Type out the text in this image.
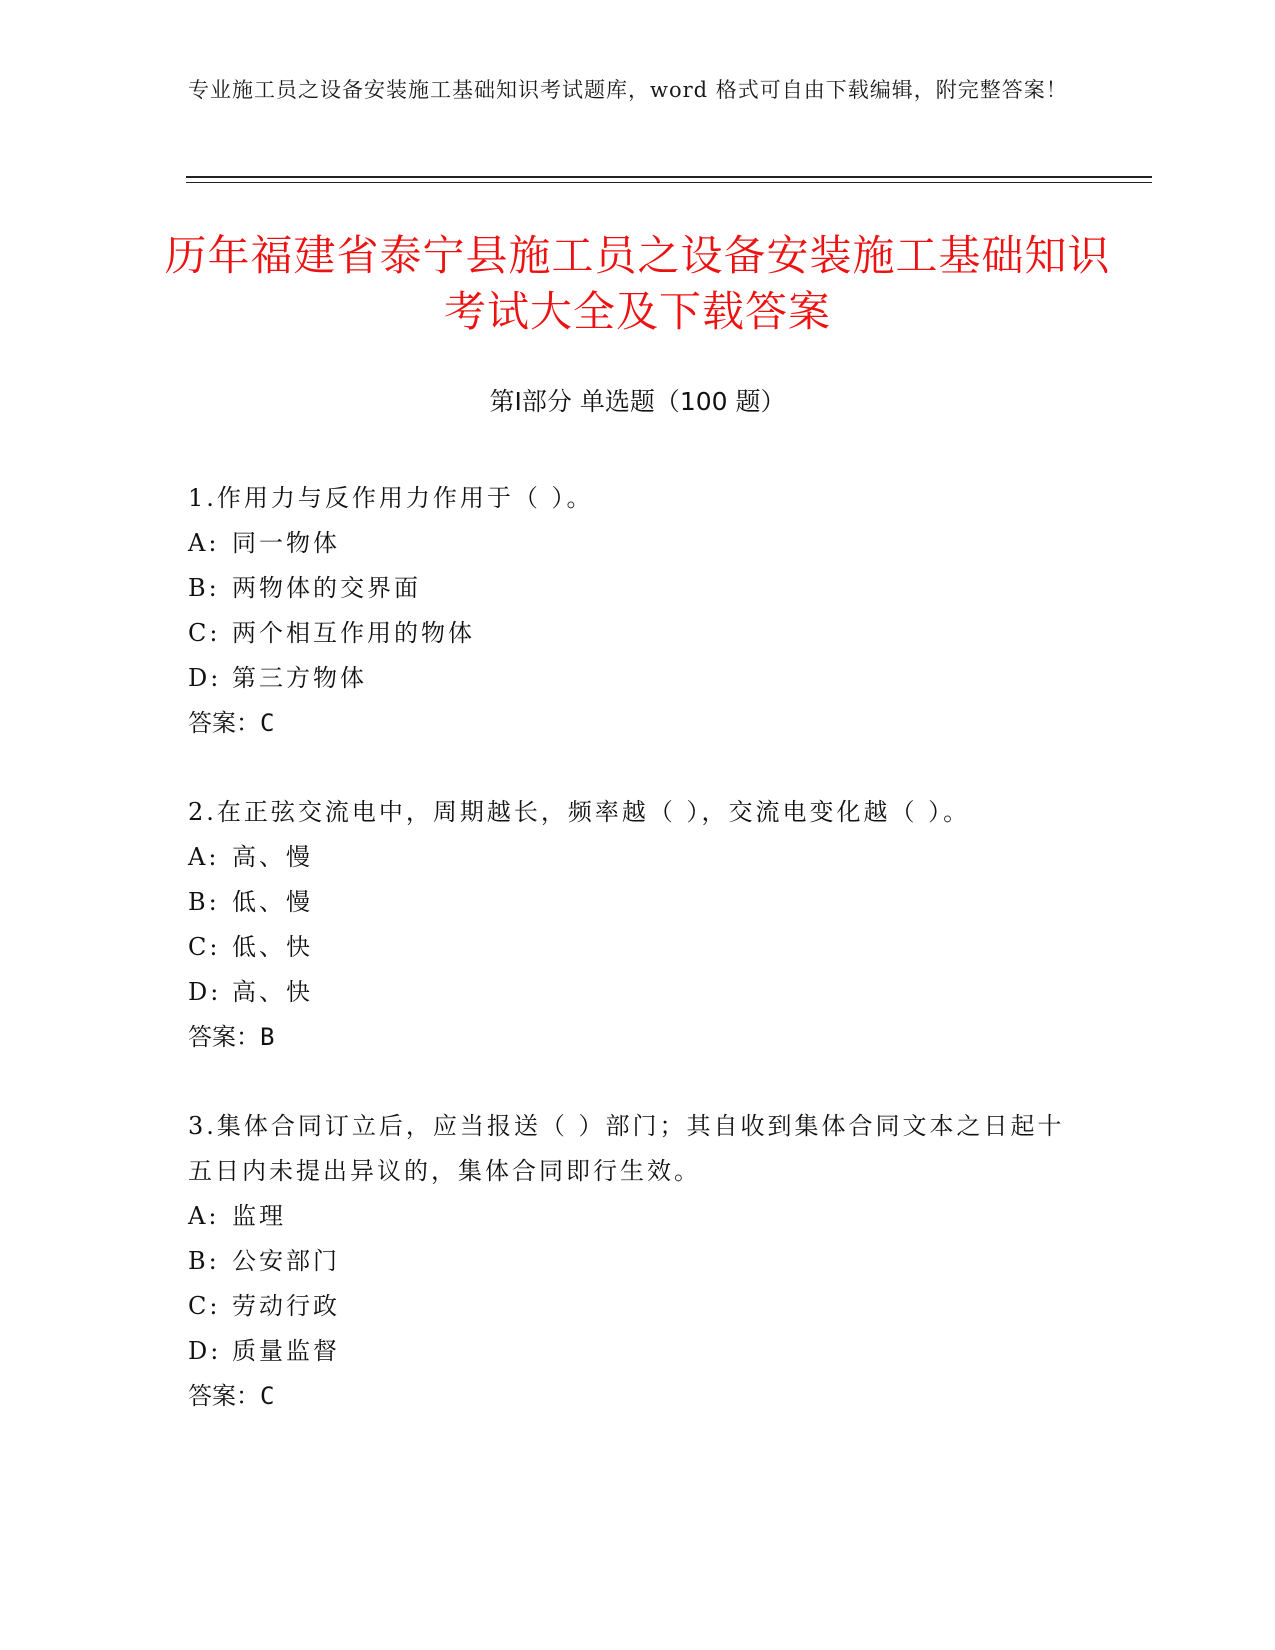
专业施工员之设备安装施工基础知识考试题库，word 格式可自由下载编辑，附完整答案！
历年福建省泰宁县施工员之设备安装施工基础知识考试大全及下载答案
第Ⅰ部分 单选题（100 题）

1.作用力与反作用力作用于（ ）。

A: 同一物体
B: 两物体的交界面
C: 两个相互作用的物体
D: 第三方物体
答案：C

2.在正弦交流电中，周期越长，频率越（ ），交流电变化越（ ）。

A: 高、慢
B: 低、慢
C: 低、快
D: 高、快
答案：B

3.集体合同订立后，应当报送（ ）部门；其自收到集体合同文本之日起十五日内未提出异议的，集体合同即行生效。

A: 监理
B: 公安部门
C: 劳动行政
D: 质量监督
答案：C
